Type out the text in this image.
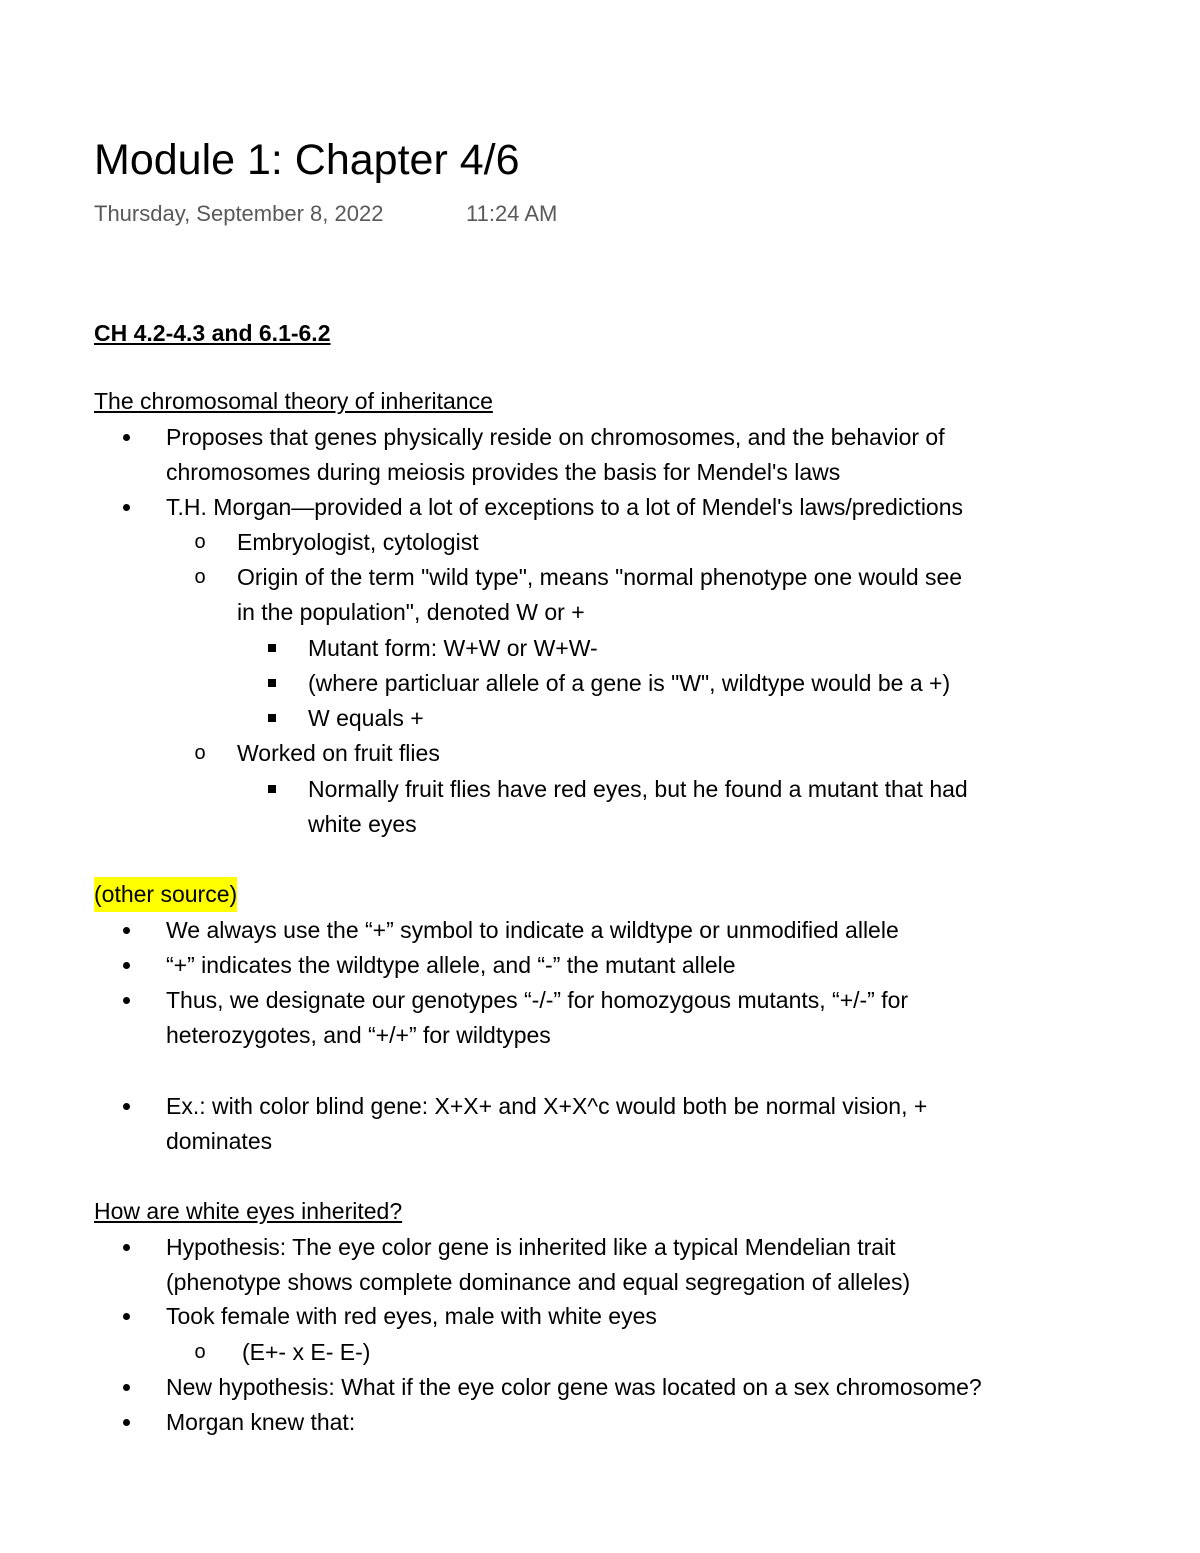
Module 1: Chapter 4/6
Thursday, September 8, 2022	11:24 AM
CH 4.2-4.3 and 6.1-6.2
The chromosomal theory of inheritance
Proposes that genes physically reside on chromosomes, and the behavior of
chromosomes during meiosis provides the basis for Mendel's laws
T.H. Morgan—provided a lot of exceptions to a lot of Mendel's laws/predictions
o Embryologist, cytologist
o Origin of the term "wild type", means "normal phenotype one would see
in the population", denoted W or +
Mutant form: W+W or W+W-
(where particluar allele of a gene is "W", wildtype would be a +)
W equals +
o Worked on fruit flies
Normally fruit flies have red eyes, but he found a mutant that had
white eyes
(other source)
We always use the “+” symbol to indicate a wildtype or unmodified allele
“+” indicates the wildtype allele, and “-” the mutant allele
Thus, we designate our genotypes “-/-” for homozygous mutants, “+/-” for
heterozygotes, and “+/+” for wildtypes
Ex.: with color blind gene: X+X+ and X+X^c would both be normal vision, +
dominates
How are white eyes inherited?
Hypothesis: The eye color gene is inherited like a typical Mendelian trait
(phenotype shows complete dominance and equal segregation of alleles)
Took female with red eyes, male with white eyes
o (E+- x E- E-)
New hypothesis: What if the eye color gene was located on a sex chromosome?
Morgan knew that:
